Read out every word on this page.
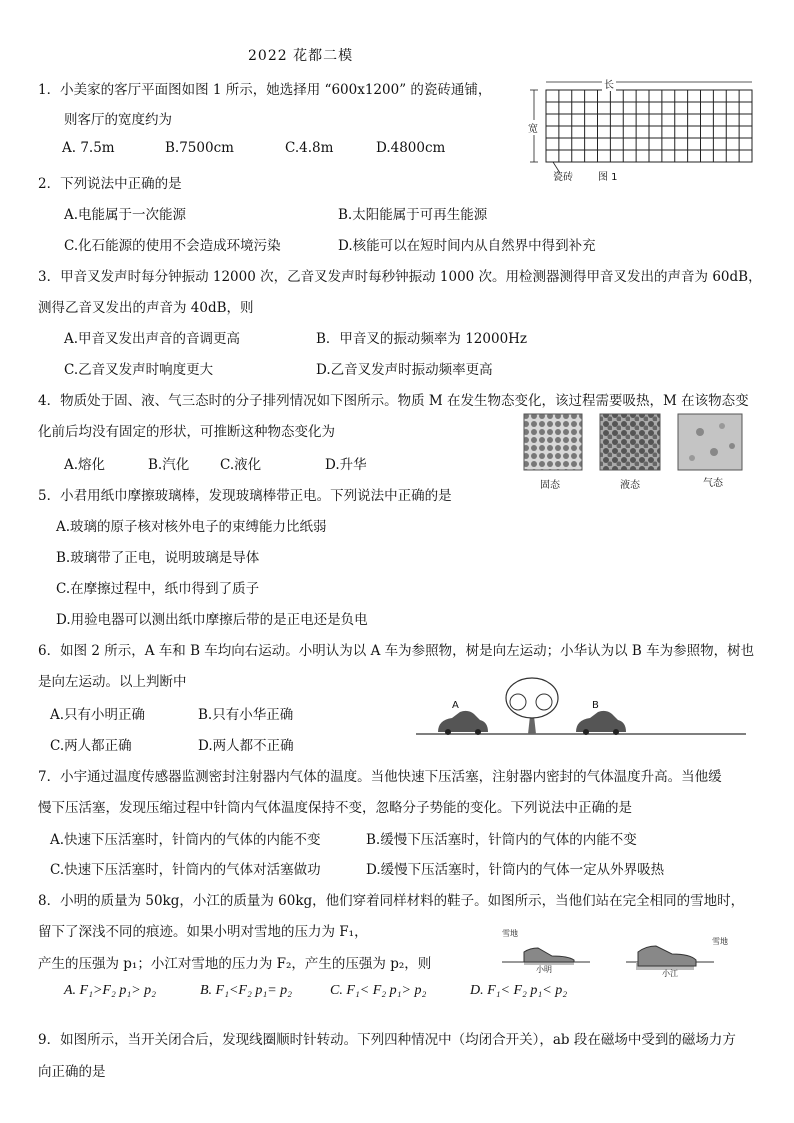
2022 花都二模
1．小美家的客厅平面图如图 1 所示，她选择用 “600x1200” 的瓷砖通铺，
则客厅的宽度约为
A. 7.5m	B.7500cm	C.4.8m	D.4800cm
长
宽
瓷砖	图 1
2．下列说法中正确的是
A.电能属于一次能源	B.太阳能属于可再生能源
C.化石能源的使用不会造成环境污染	D.核能可以在短时间内从自然界中得到补充
3．甲音叉发声时每分钟振动 12000 次，乙音叉发声时每秒钟振动 1000 次。用检测器测得甲音叉发出的声音为 60dB，
测得乙音叉发出的声音为 40dB，则
A.甲音叉发出声音的音调更高	B．甲音叉的振动频率为 12000Hz
C.乙音叉发声时响度更大	D.乙音叉发声时振动频率更高
4．物质处于固、液、气三态时的分子排列情况如下图所示。物质 M 在发生物态变化，该过程需要吸热，M 在该物态变
化前后均没有固定的形状，可推断这种物态变化为
A.熔化	B.汽化 C.液化	D.升华
固态	液态	气态
5．小君用纸巾摩擦玻璃棒，发现玻璃棒带正电。下列说法中正确的是
A.玻璃的原子核对核外电子的束缚能力比纸弱
B.玻璃带了正电，说明玻璃是导体
C.在摩擦过程中，纸巾得到了质子
D.用验电器可以测出纸巾摩擦后带的是正电还是负电
6．如图 2 所示，A 车和 B 车均向右运动。小明认为以 A 车为参照物，树是向左运动；小华认为以 B 车为参照物，树也
是向左运动。以上判断中
A.只有小明正确	B.只有小华正确
C.两人都正确	D.两人都不正确
A	B
7．小宇通过温度传感器监测密封注射器内气体的温度。当他快速下压活塞，注射器内密封的气体温度升高。当他缓
慢下压活塞，发现压缩过程中针筒内气体温度保持不变，忽略分子势能的变化。下列说法中正确的是
A.快速下压活塞时，针筒内的气体的内能不变	B.缓慢下压活塞时，针筒内的气体的内能不变
C.快速下压活塞时，针筒内的气体对活塞做功	D.缓慢下压活塞时，针筒内的气体一定从外界吸热
8．小明的质量为 50kg，小江的质量为 60kg，他们穿着同样材料的鞋子。如图所示，当他们站在完全相同的雪地时，
留下了深浅不同的痕迹。如果小明对雪地的压力为 F₁，
产生的压强为 p₁；小江对雪地的压力为 F₂，产生的压强为 p₂，则
A. F₁>F₂ p₁> p₂	B. F₁<F₂ p₁= p₂	C. F₁< F₂ p₁> p₂	D. F₁< F₂ p₁< p₂
雪地
雪地
小明	小江
9．如图所示，当开关闭合后，发现线圈顺时针转动。下列四种情况中（均闭合开关），ab 段在磁场中受到的磁场力方
向正确的是
